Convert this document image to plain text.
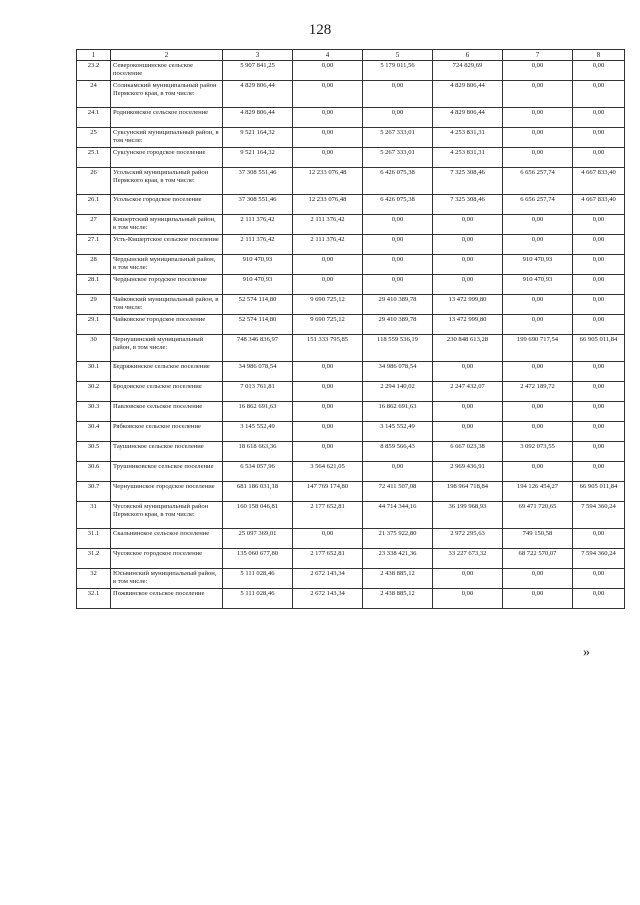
128
1	2	3	4	5	6	7	8
23.2	Североконшинское сельское поселение	5 907 841,25	0,00	5 179 011,56	724 829,69	0,00	0,00
24	Соликамский муниципальный район Пермского края, в том числе:	4 829 806,44	0,00	0,00	4 829 806,44	0,00	0,00
24.1	Родниковское сельское поселение	4 829 806,44	0,00	0,00	4 829 806,44	0,00	0,00
25	Суксунский муниципальный район, в том числе:	9 521 164,32	0,00	5 267 333,01	4 253 831,31	0,00	0,00
25.1	Суксунское городское поселение	9 521 164,32	0,00	5 267 333,01	4 253 831,31	0,00	0,00
26	Усольский муниципальный район Пермского края, в том числе:	37 308 551,46	12 233 076,48	6 426 075,38	7 325 308,46	6 656 257,74	4 667 833,40
26.1	Усольское городское поселение	37 308 551,46	12 233 076,48	6 426 075,38	7 325 308,46	6 656 257,74	4 667 833,40
27	Кишертский муниципальный район, в том числе:	2 111 376,42	2 111 376,42	0,00	0,00	0,00	0,00
27.1	Усть-Кишертское сельское поселение	2 111 376,42	2 111 376,42	0,00	0,00	0,00	0,00
28	Чердынский муниципальный район, в том числе:	910 470,93	0,00	0,00	0,00	910 470,93	0,00
28.1	Чердынское городское поселение	910 470,93	0,00	0,00	0,00	910 470,93	0,00
29	Чайковский муниципальный район, в том числе:	52 574 114,80	9 690 725,12	29 410 389,78	13 472 999,80	0,00	0,00
29.1	Чайковское городское поселение	52 574 114,80	9 690 725,12	29 410 389,78	13 472 999,80	0,00	0,00
30	Чернушинский муниципальный район, в том числе:	748 346 836,97	151 333 795,85	118 559 536,19	230 848 613,28	199 690 717,54	66 905 011,84
30.1	Бедряжинское сельское поселение	34 986 078,54	0,00	34 986 078,54	0,00	0,00	0,00
30.2	Бродовское сельское поселение	7 013 761,81	0,00	2 294 140,02	2 247 432,07	2 472 189,72	0,00
30.3	Павловское сельское поселение	16 862 691,63	0,00	16 862 691,63	0,00	0,00	0,00
30.4	Рябковское сельское поселение	3 145 552,49	0,00	3 145 552,49	0,00	0,00	0,00
30.5	Таушинское сельское поселение	18 618 663,36	0,00	8 859 566,43	6 667 023,38	3 092 073,55	0,00
30.6	Трушниковское сельское поселение	6 534 057,96	3 564 621,05	0,00	2 969 436,91	0,00	0,00
30.7	Чернушинское городское поселение	681 186 031,18	147 769 174,80	72 411 507,08	198 964 718,84	194 126 454,27	66 905 011,84
31	Чусовской муниципальный район Пермского края, в том числе:	160 158 046,81	2 177 652,81	44 714 344,16	36 199 968,93	69 471 720,65	7 594 360,24
31.1	Скальнинское сельское поселение	25 097 369,01	0,00	21 375 922,80	2 972 295,63	749 150,58	0,00
31.2	Чусовское городское поселение	135 060 677,80	2 177 652,81	23 338 421,36	33 227 673,32	68 722 570,07	7 594 360,24
32	Юсьвинский муниципальный район, в том числе:	5 111 028,46	2 672 143,34	2 438 885,12	0,00	0,00	0,00
32.1	Пожвинское сельское поселение	5 111 028,46	2 672 143,34	2 438 885,12	0,00	0,00	0,00
»
